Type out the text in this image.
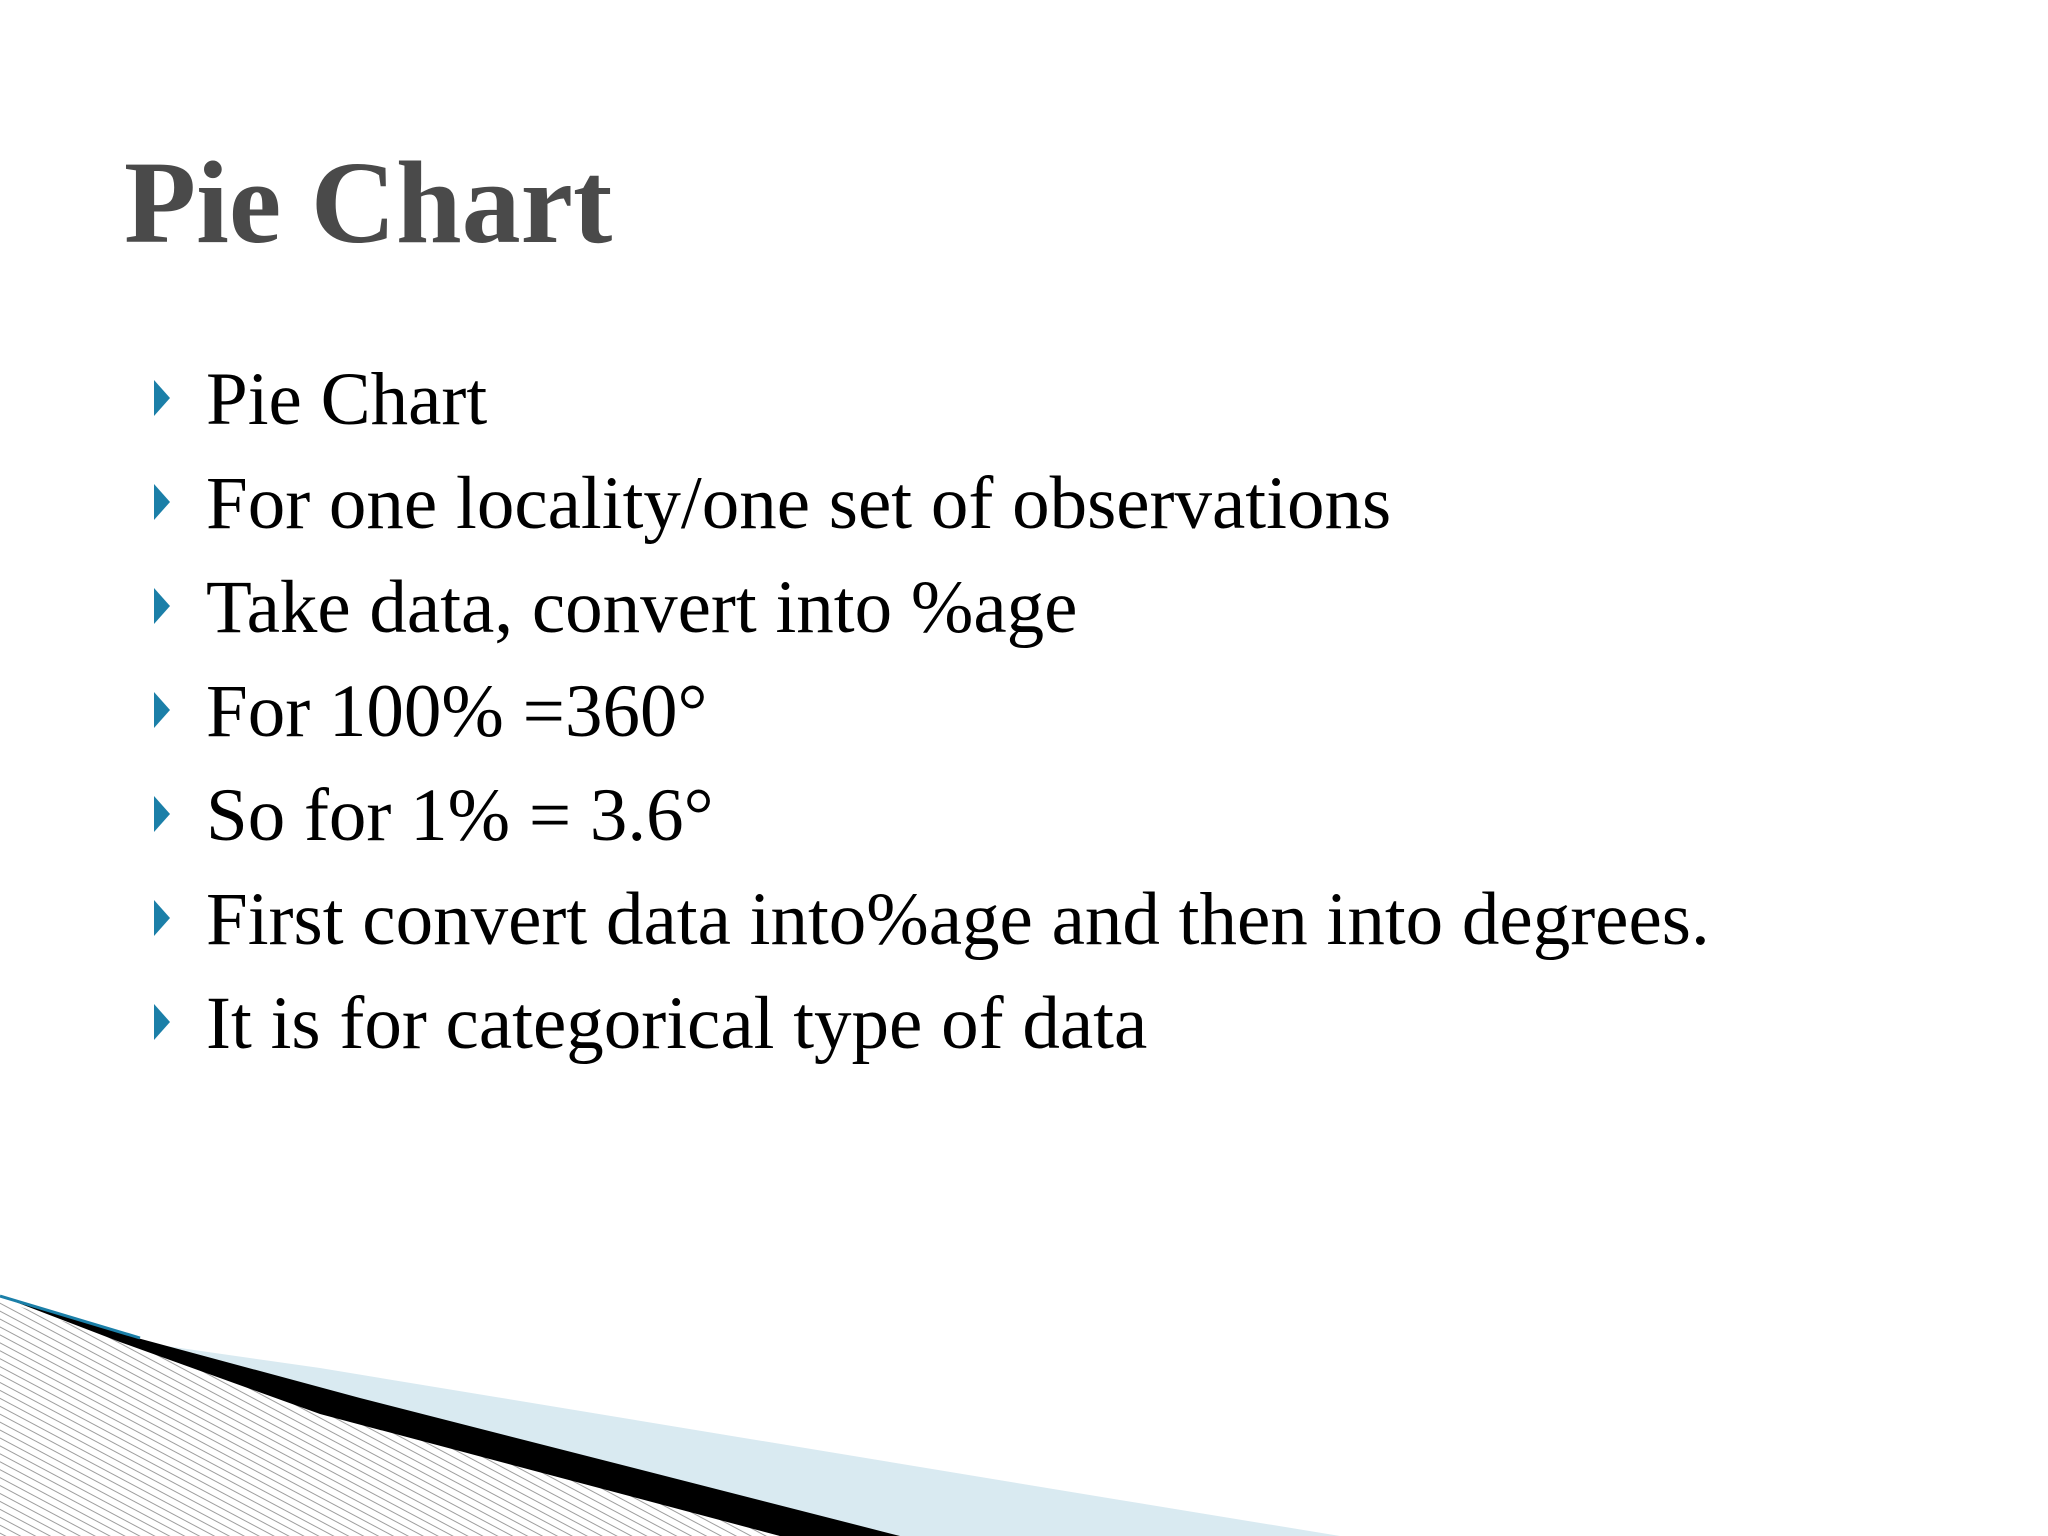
Pie Chart
Pie Chart
For one locality/one set of observations
Take data, convert into %age
For 100% =360°
So for 1% = 3.6°
First convert data into%age and then into degrees.
It is for categorical type of data
